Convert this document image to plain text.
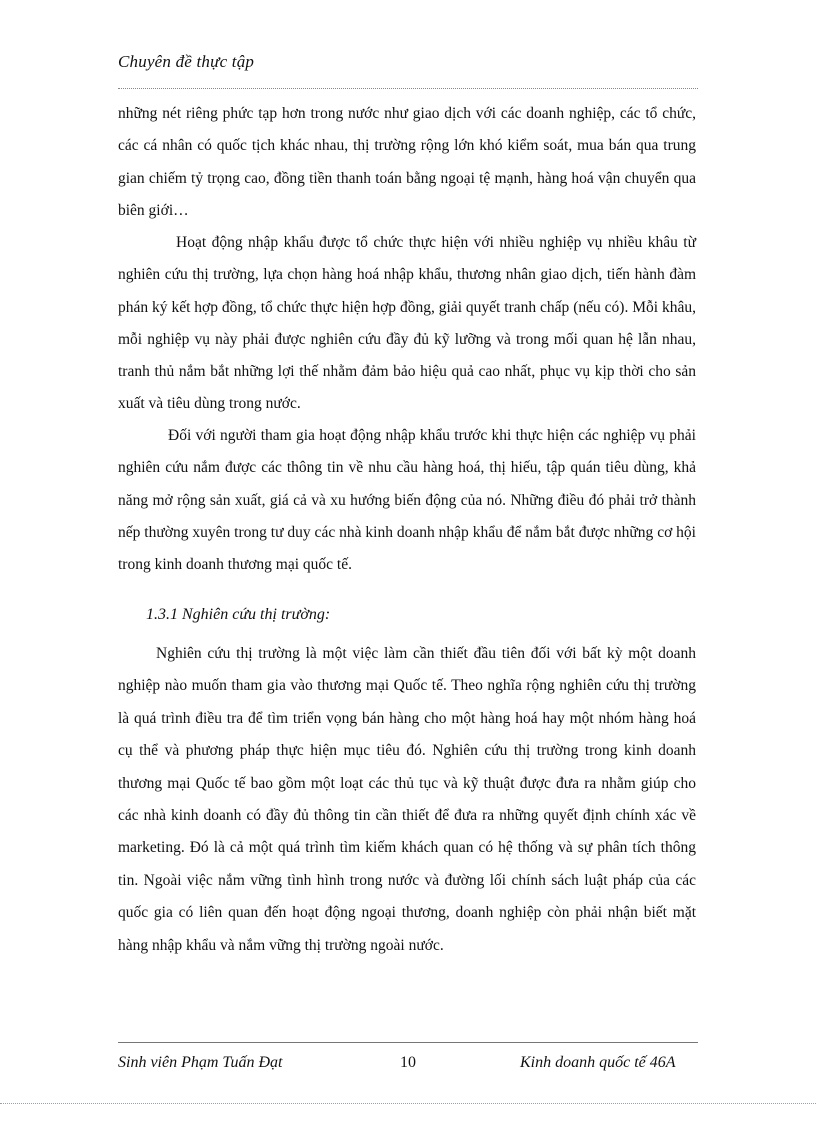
Chuyên đề thực tập

những nét riêng phức tạp hơn trong nước như giao dịch với các doanh nghiệp, các tổ chức, các cá nhân có quốc tịch khác nhau, thị trường rộng lớn khó kiểm soát, mua bán qua trung gian chiếm tỷ trọng cao, đồng tiền thanh toán bằng ngoại tệ mạnh, hàng hoá vận chuyển qua biên giới…

Hoạt động nhập khẩu được tổ chức thực hiện với nhiều nghiệp vụ nhiều khâu từ nghiên cứu thị trường, lựa chọn hàng hoá nhập khẩu, thương nhân giao dịch, tiến hành đàm phán ký kết hợp đồng, tổ chức thực hiện hợp đồng, giải quyết tranh chấp (nếu có). Mỗi khâu, mỗi nghiệp vụ này phải được nghiên cứu đầy đủ kỹ lưỡng và trong mối quan hệ lẫn nhau, tranh thủ nắm bắt những lợi thế nhằm đảm bảo hiệu quả cao nhất, phục vụ kịp thời cho sản xuất và tiêu dùng trong nước.

Đối với người tham gia hoạt động nhập khẩu trước khi thực hiện các nghiệp vụ phải nghiên cứu nắm được các thông tin về nhu cầu hàng hoá, thị hiếu, tập quán tiêu dùng, khả năng mở rộng sản xuất, giá cả và xu hướng biến động của nó. Những điều đó phải trở thành nếp thường xuyên trong tư duy các nhà kinh doanh nhập khẩu để nắm bắt được những cơ hội trong kinh doanh thương mại quốc tế.

1.3.1 Nghiên cứu thị trường:

Nghiên cứu thị trường là một việc làm cần thiết đầu tiên đối với bất kỳ một doanh nghiệp nào muốn tham gia vào thương mại Quốc tế. Theo nghĩa rộng nghiên cứu thị trường là quá trình điều tra để tìm triển vọng bán hàng cho một hàng hoá hay một nhóm hàng hoá cụ thể và phương pháp thực hiện mục tiêu đó. Nghiên cứu thị trường trong kinh doanh thương mại Quốc tế bao gồm một loạt các thủ tục và kỹ thuật được đưa ra nhằm giúp cho các nhà kinh doanh có đầy đủ thông tin cần thiết để đưa ra những quyết định chính xác về marketing. Đó là cả một quá trình tìm kiếm khách quan có hệ thống và sự phân tích thông tin. Ngoài việc nắm vững tình hình trong nước và đường lối chính sách luật pháp của các quốc gia có liên quan đến hoạt động ngoại thương, doanh nghiệp còn phải nhận biết mặt hàng nhập khẩu và nắm vững thị trường ngoài nước.

Sinh viên Phạm Tuấn Đạt	10	Kinh doanh quốc tế 46A
